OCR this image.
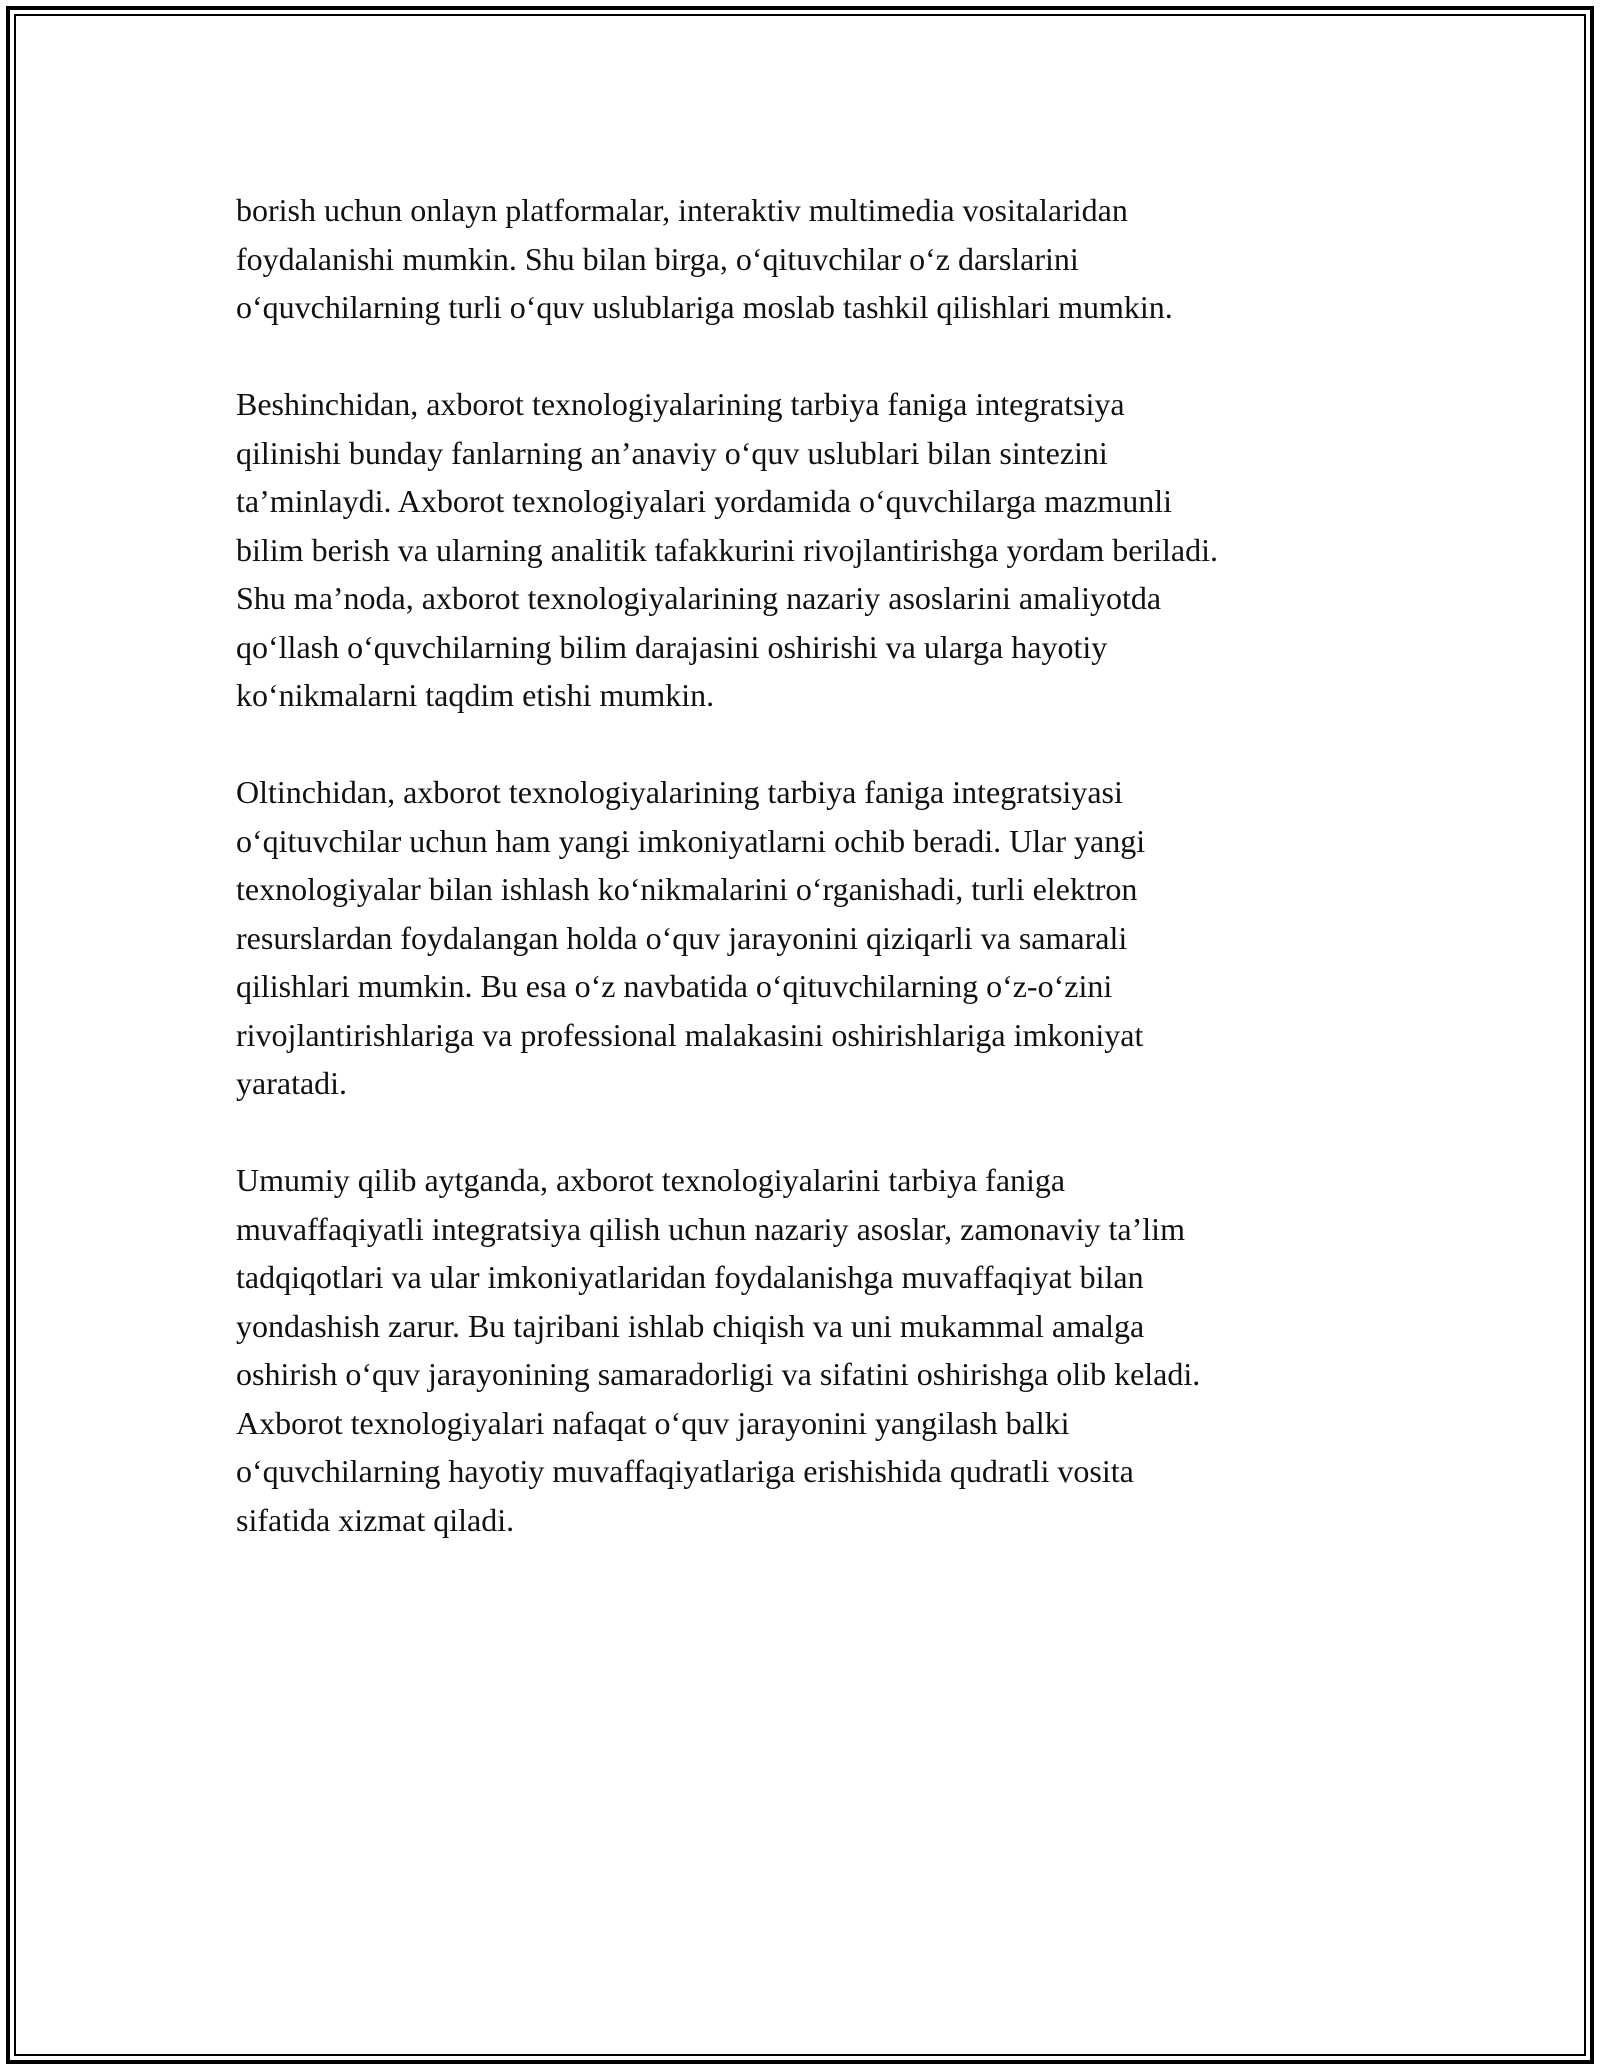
borish uchun onlayn platformalar, interaktiv multimedia vositalaridan
foydalanishi mumkin. Shu bilan birga, o‘qituvchilar o‘z darslarini
o‘quvchilarning turli o‘quv uslublariga moslab tashkil qilishlari mumkin.

Beshinchidan, axborot texnologiyalarining tarbiya faniga integratsiya
qilinishi bunday fanlarning an’anaviy o‘quv uslublari bilan sintezini
ta’minlaydi. Axborot texnologiyalari yordamida o‘quvchilarga mazmunli
bilim berish va ularning analitik tafakkurini rivojlantirishga yordam beriladi.
Shu ma’noda, axborot texnologiyalarining nazariy asoslarini amaliyotda
qo‘llash o‘quvchilarning bilim darajasini oshirishi va ularga hayotiy
ko‘nikmalarni taqdim etishi mumkin.

Oltinchidan, axborot texnologiyalarining tarbiya faniga integratsiyasi
o‘qituvchilar uchun ham yangi imkoniyatlarni ochib beradi. Ular yangi
texnologiyalar bilan ishlash ko‘nikmalarini o‘rganishadi, turli elektron
resurslardan foydalangan holda o‘quv jarayonini qiziqarli va samarali
qilishlari mumkin. Bu esa o‘z navbatida o‘qituvchilarning o‘z-o‘zini
rivojlantirishlariga va professional malakasini oshirishlariga imkoniyat
yaratadi.

Umumiy qilib aytganda, axborot texnologiyalarini tarbiya faniga
muvaffaqiyatli integratsiya qilish uchun nazariy asoslar, zamonaviy ta’lim
tadqiqotlari va ular imkoniyatlaridan foydalanishga muvaffaqiyat bilan
yondashish zarur. Bu tajribani ishlab chiqish va uni mukammal amalga
oshirish o‘quv jarayonining samaradorligi va sifatini oshirishga olib keladi.
Axborot texnologiyalari nafaqat o‘quv jarayonini yangilash balki
o‘quvchilarning hayotiy muvaffaqiyatlariga erishishida qudratli vosita
sifatida xizmat qiladi.
